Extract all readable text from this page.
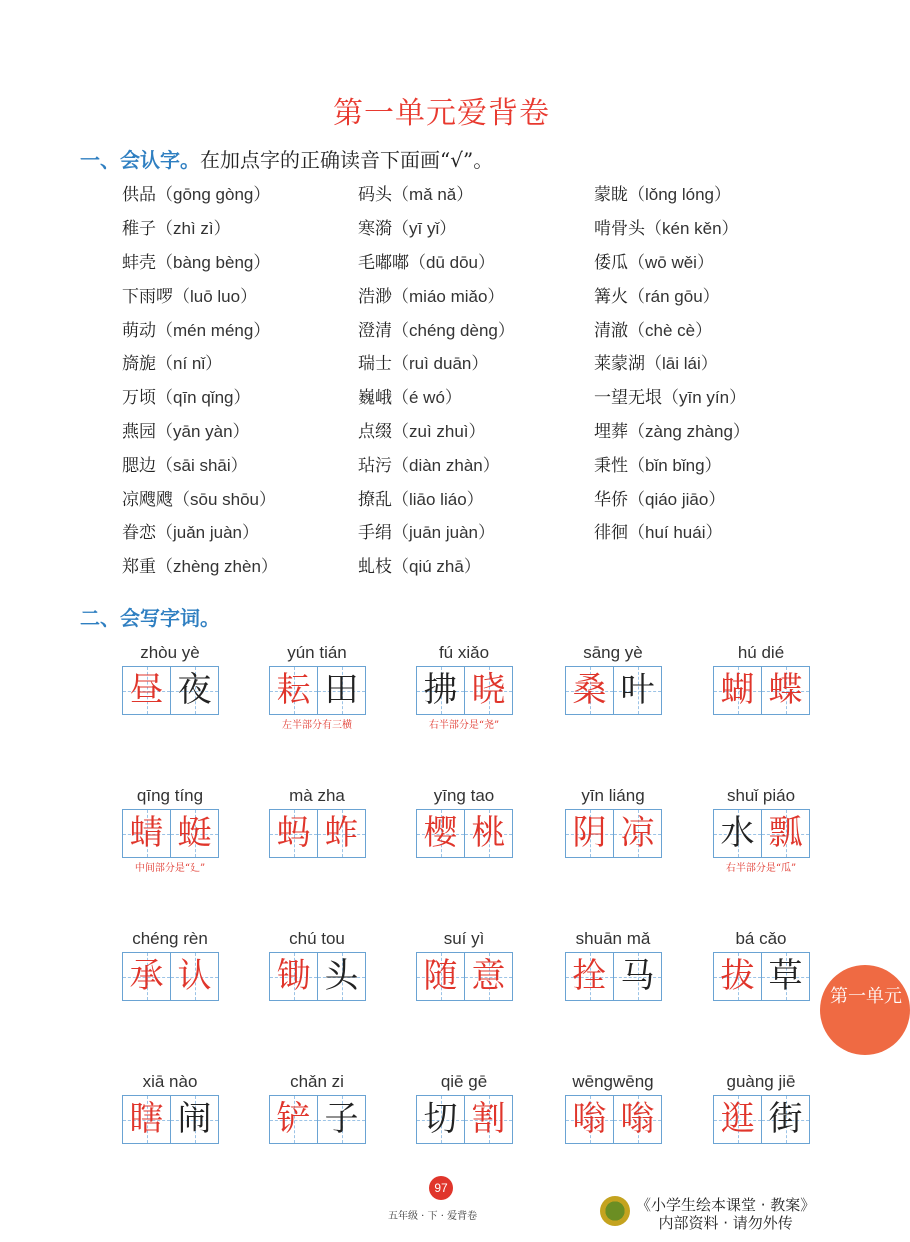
第一单元爱背卷
一、会认字。在加点字的正确读音下面画“√”。
供品（gōng gòng）	码头（mǎ nǎ）	蒙眬（lǒng lóng）
稚子（zhì zì）	寒漪（yī yǐ）	啃骨头（kén kěn）
蚌壳（bàng bèng）	毛嘟嘟（dū dōu）	倭瓜（wō wěi）
下雨啰（luō luo）	浩渺（miáo miǎo）	篝火（rán gōu）
萌动（mén méng）	澄清（chéng dèng）	清澈（chè cè）
旖旎（ní nǐ）	瑞士（ruì duān）	莱蒙湖（lāi lái）
万顷（qīn qǐng）	巍峨（é wó）	一望无垠（yīn yín）
燕园（yān yàn）	点缀（zuì zhuì）	埋葬（zàng zhàng）
腮边（sāi shāi）	玷污（diàn zhàn）	秉性（bǐn bǐng）
凉飕飕（sōu shōu）	撩乱（liāo liáo）	华侨（qiáo jiāo）
眷恋（juǎn juàn）	手绢（juān juàn）	徘徊（huí huái）
郑重（zhèng zhèn）	虬枝（qiú zhā）
二、会写字词。
zhòu yè
昼 夜
yún tián
耘 田
左半部分有三横
fú xiǎo
拂 晓
右半部分是“尧”
sāng yè
桑 叶
hú dié
蝴 蝶
qīng tíng
蜻 蜓
中间部分是“廴”
mà zha
蚂 蚱
yīng tao
樱 桃
yīn liáng
阴 凉
shuǐ piáo
水 瓢
右半部分是“瓜”
chéng rèn
承 认
chú tou
锄 头
suí yì
随 意
shuān mǎ
拴 马
bá cǎo
拔 草
xiā nào
瞎 闹
chǎn zi
铲 子
qiē gē
切 割
wēngwēng
嗡 嗡
guàng jiē
逛 街
第一单元
97
五年级 · 下 · 爱背卷
《小学生绘本课堂 · 教案》
内部资料 · 请勿外传
